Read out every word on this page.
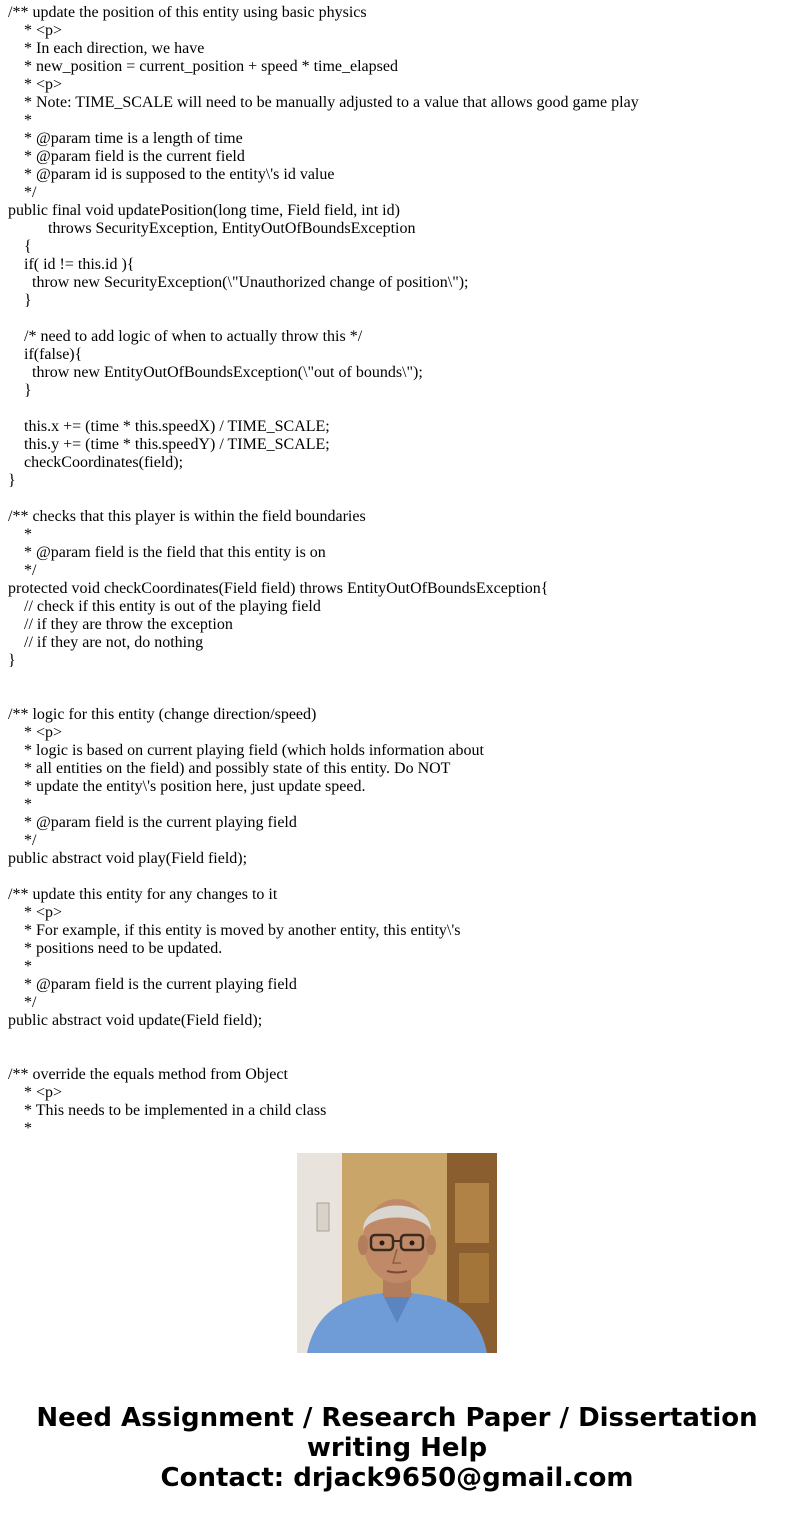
/** update the position of this entity using basic physics
* <p>
* In each direction, we have
* new_position = current_position + speed * time_elapsed
* <p>
* Note: TIME_SCALE will need to be manually adjusted to a value that allows good game play
*
* @param time is a length of time
* @param field is the current field
* @param id is supposed to the entity\'s id value
*/
public final void updatePosition(long time, Field field, int id)
throws SecurityException, EntityOutOfBoundsException
{
if( id != this.id ){
throw new SecurityException(\"Unauthorized change of position\");
}
/* need to add logic of when to actually throw this */
if(false){
throw new EntityOutOfBoundsException(\"out of bounds\");
}
this.x += (time * this.speedX) / TIME_SCALE;
this.y += (time * this.speedY) / TIME_SCALE;
checkCoordinates(field);
}
/** checks that this player is within the field boundaries
*
* @param field is the field that this entity is on
*/
protected void checkCoordinates(Field field) throws EntityOutOfBoundsException{
// check if this entity is out of the playing field
// if they are throw the exception
// if they are not, do nothing
}
/** logic for this entity (change direction/speed)
* <p>
* logic is based on current playing field (which holds information about
* all entities on the field) and possibly state of this entity. Do NOT
* update the entity\'s position here, just update speed.
*
* @param field is the current playing field
*/
public abstract void play(Field field);
/** update this entity for any changes to it
* <p>
* For example, if this entity is moved by another entity, this entity\'s
* positions need to be updated.
*
* @param field is the current playing field
*/
public abstract void update(Field field);
/** override the equals method from Object
* <p>
* This needs to be implemented in a child class
*
Need Assignment / Research Paper / Dissertation
writing Help
Contact: drjack9650@gmail.com
